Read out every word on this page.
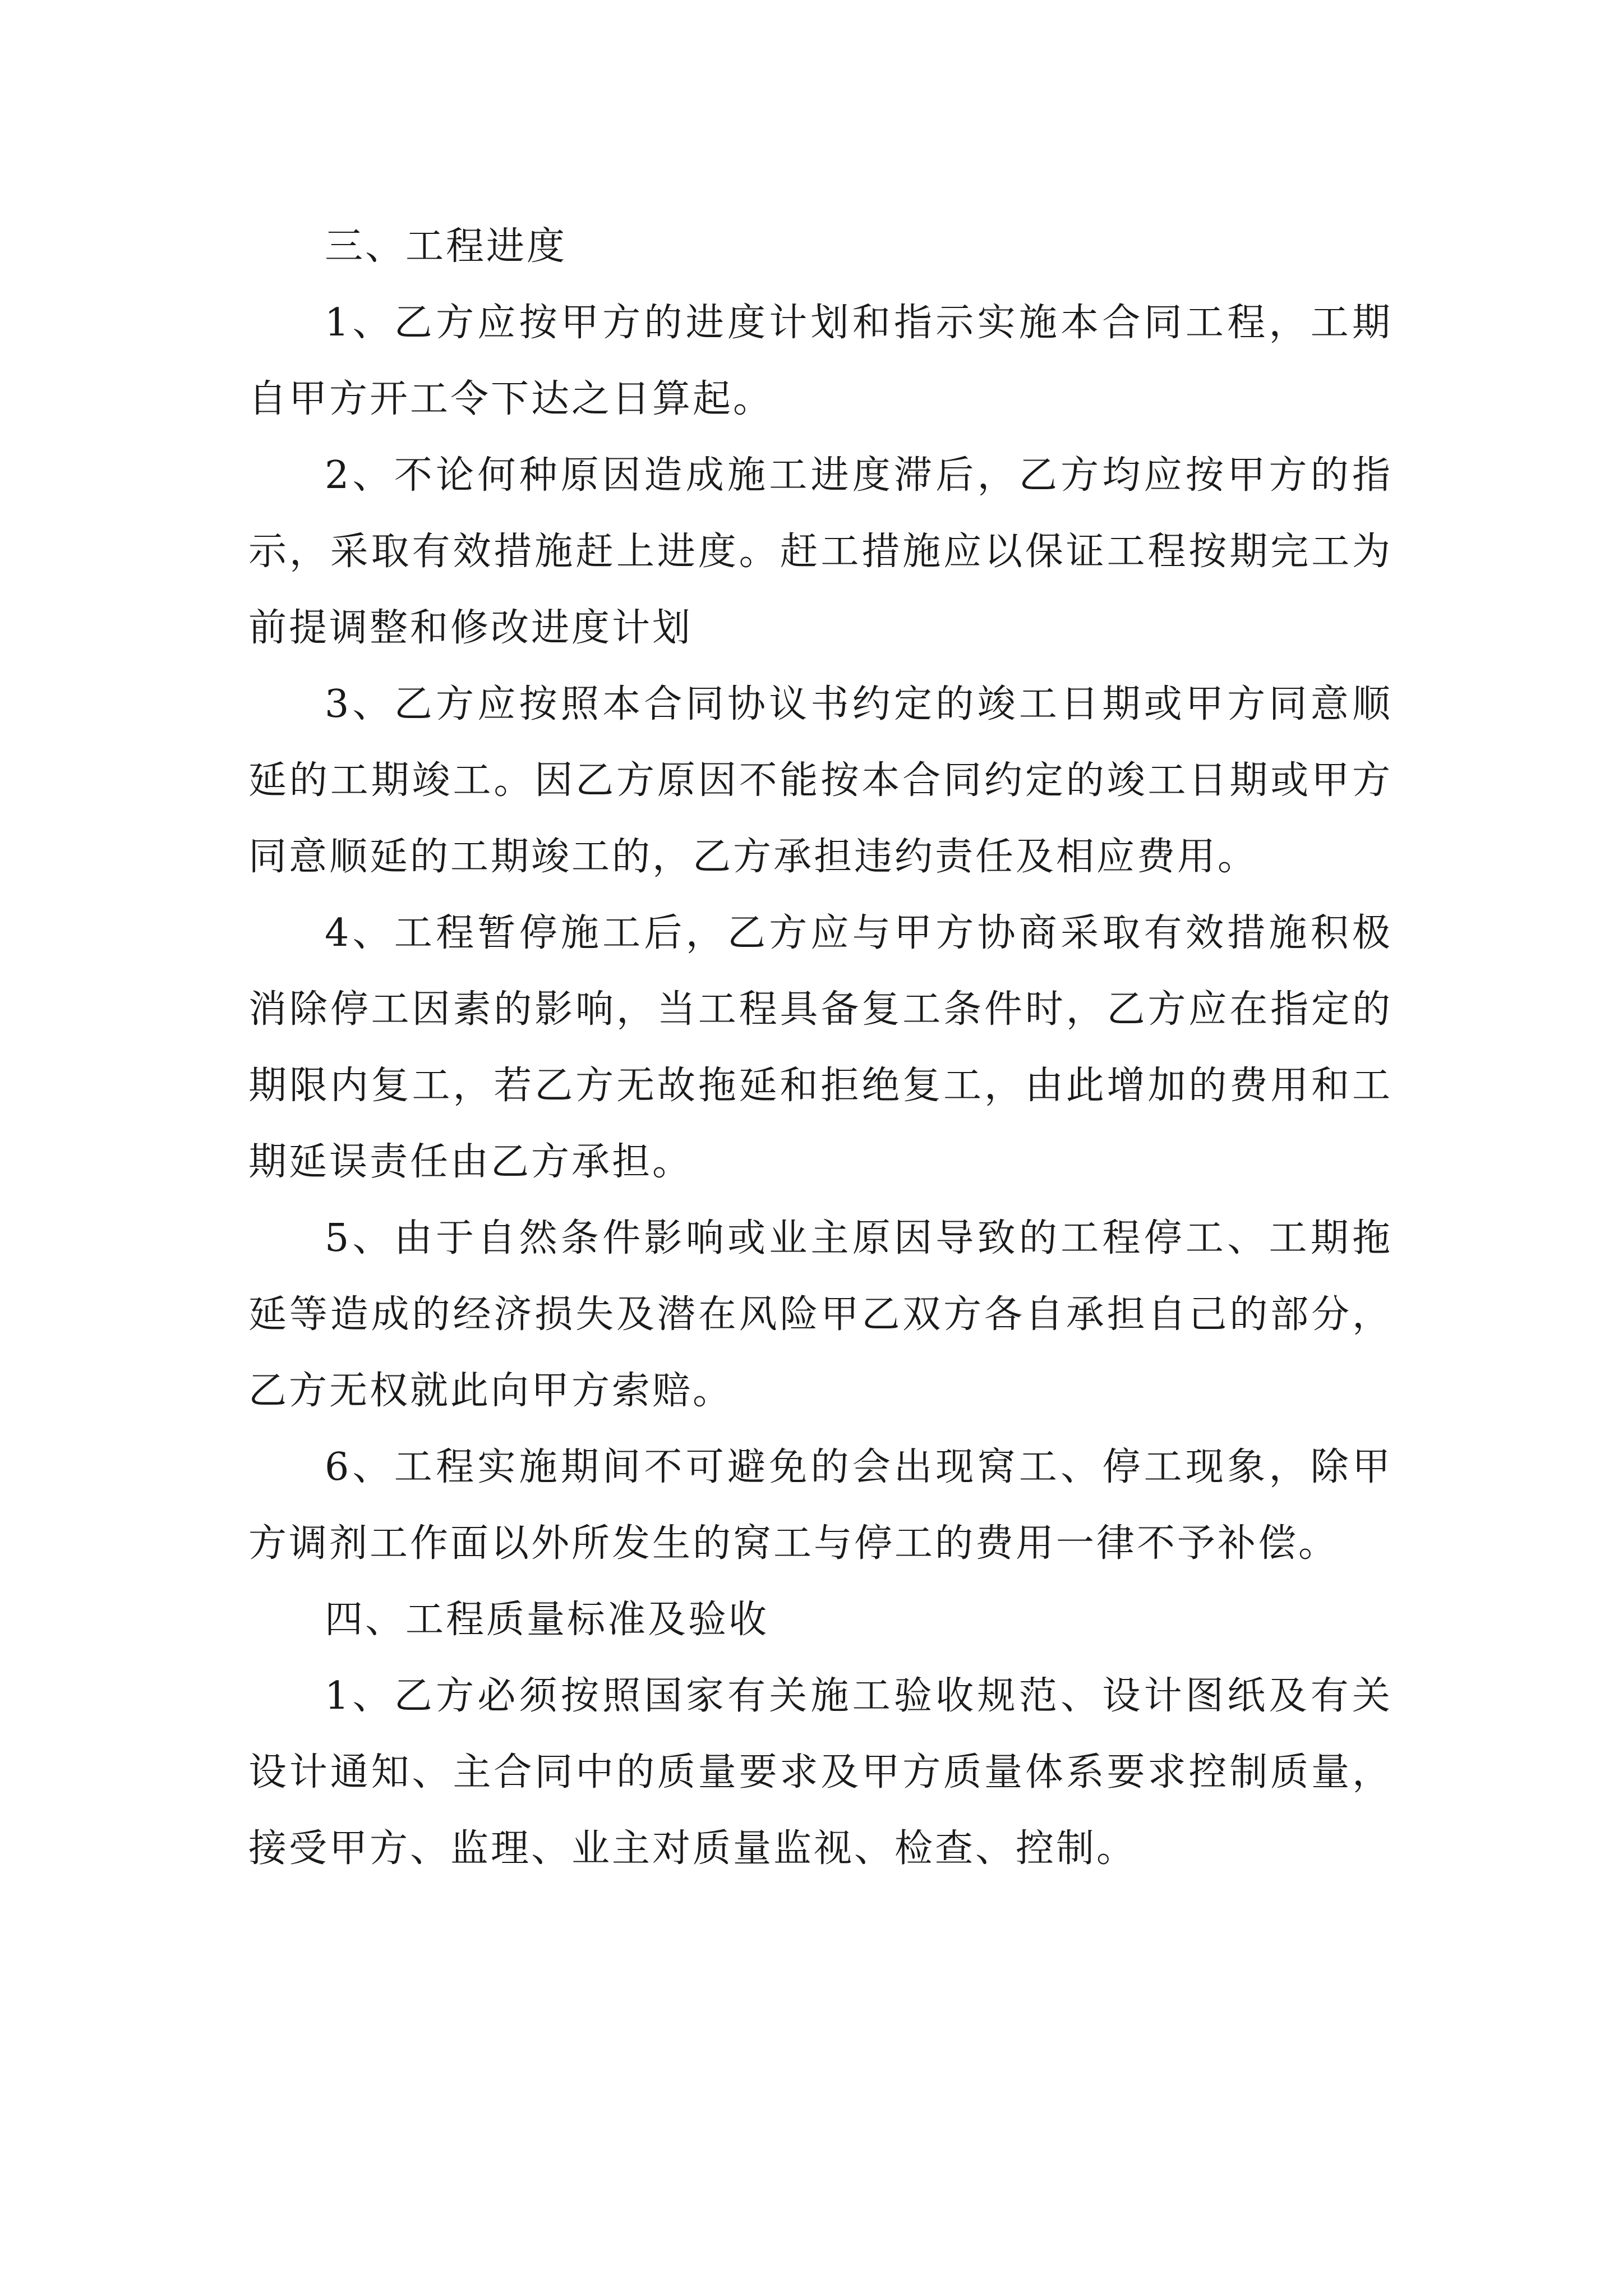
三、工程进度

1、乙方应按甲方的进度计划和指示实施本合同工程，工期自甲方开工令下达之日算起。

2、不论何种原因造成施工进度滞后，乙方均应按甲方的指示，采取有效措施赶上进度。赶工措施应以保证工程按期完工为前提调整和修改进度计划

3、乙方应按照本合同协议书约定的竣工日期或甲方同意顺延的工期竣工。因乙方原因不能按本合同约定的竣工日期或甲方同意顺延的工期竣工的，乙方承担违约责任及相应费用。

4、工程暂停施工后，乙方应与甲方协商采取有效措施积极消除停工因素的影响，当工程具备复工条件时，乙方应在指定的期限内复工，若乙方无故拖延和拒绝复工，由此增加的费用和工期延误责任由乙方承担。

5、由于自然条件影响或业主原因导致的工程停工、工期拖延等造成的经济损失及潜在风险甲乙双方各自承担自己的部分，乙方无权就此向甲方索赔。

6、工程实施期间不可避免的会出现窝工、停工现象，除甲方调剂工作面以外所发生的窝工与停工的费用一律不予补偿。

四、工程质量标准及验收

1、乙方必须按照国家有关施工验收规范、设计图纸及有关设计通知、主合同中的质量要求及甲方质量体系要求控制质量，接受甲方、监理、业主对质量监视、检查、控制。
